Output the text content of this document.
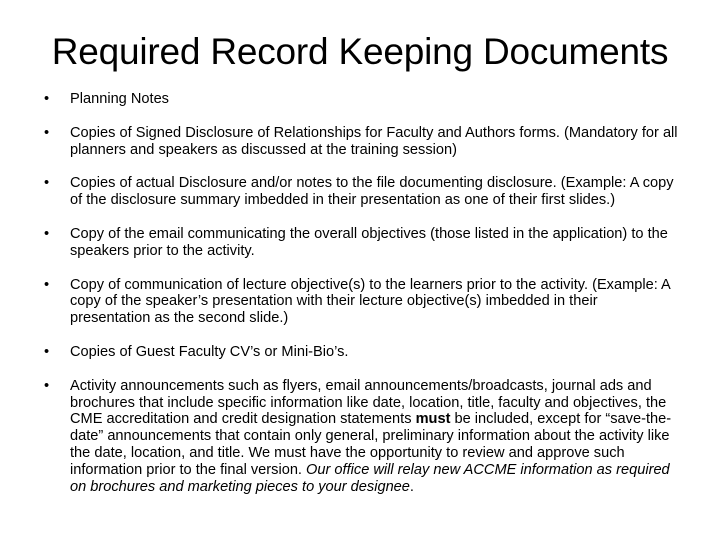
Required Record Keeping Documents
•	Planning Notes
•	Copies of Signed Disclosure of Relationships for Faculty and Authors forms. (Mandatory for all planners and speakers as discussed at the training session)
•	Copies of actual Disclosure and/or notes to the file documenting disclosure. (Example: A copy of the disclosure summary imbedded in their presentation as one of their first slides.)
•	Copy of the email communicating the overall objectives (those listed in the application) to the speakers prior to the activity.
•	Copy of communication of lecture objective(s) to the learners prior to the activity. (Example: A copy of the speaker’s presentation with their lecture objective(s) imbedded in their presentation as the second slide.)
•	Copies of Guest Faculty CV’s or Mini-Bio’s.
•	Activity announcements such as flyers, email announcements/broadcasts, journal ads and brochures that include specific information like date, location, title, faculty and objectives, the CME accreditation and credit designation statements must be included, except for “save-the-date” announcements that contain only general, preliminary information about the activity like the date, location, and title. We must have the opportunity to review and approve such information prior to the final version. Our office will relay new ACCME information as required on brochures and marketing pieces to your designee.
